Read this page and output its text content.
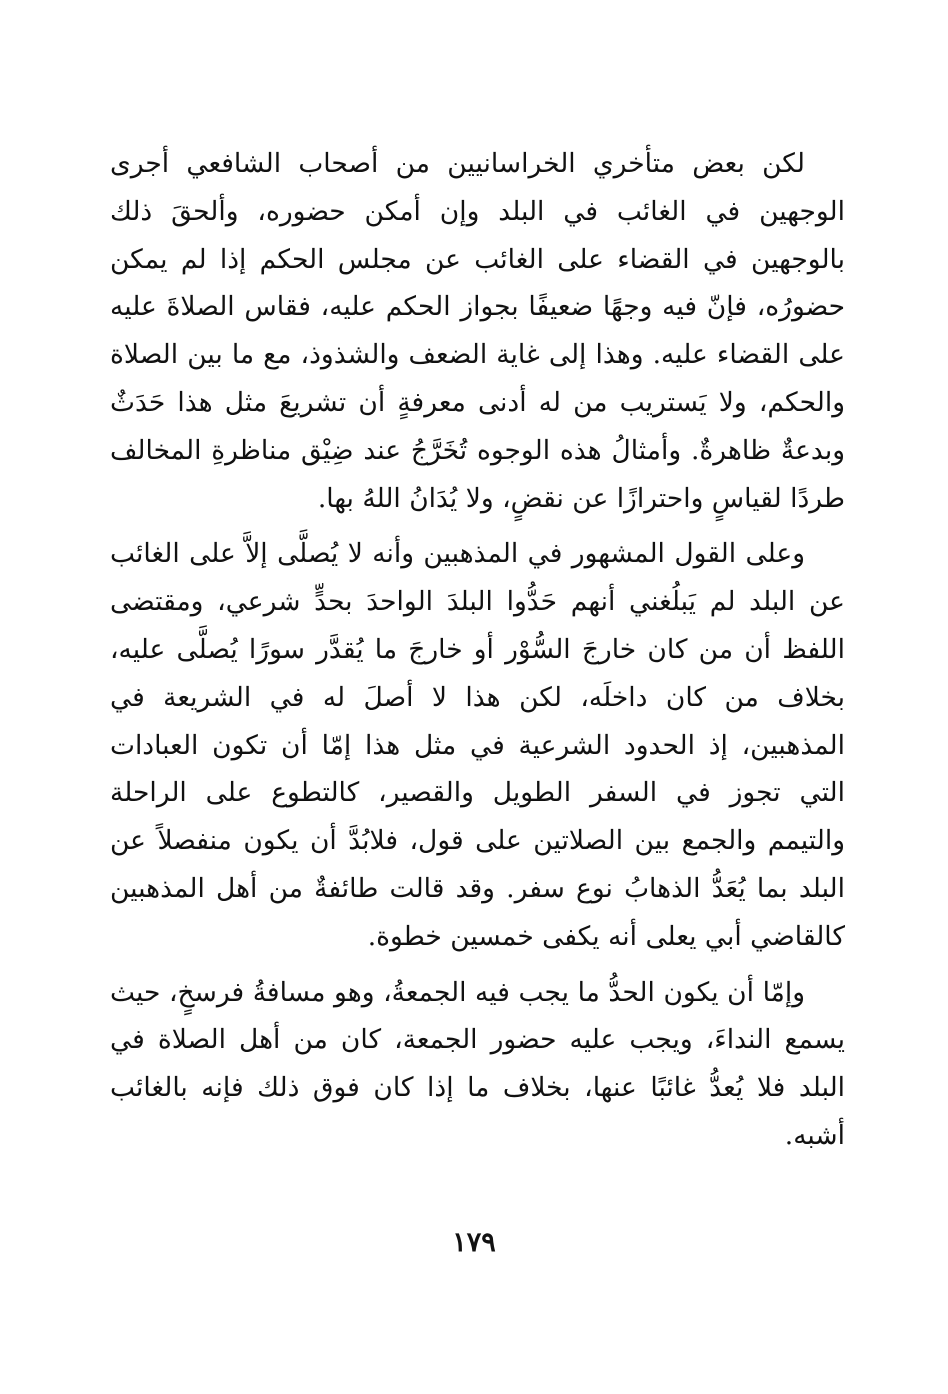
لكن بعض متأخري الخراسانيين من أصحاب الشافعي أجرى الوجهين في الغائب في البلد وإن أمكن حضوره، وألحقَ ذلك بالوجهين في القضاء على الغائب عن مجلس الحكم إذا لم يمكن حضورُه، فإنّ فيه وجهًا ضعيفًا بجواز الحكم عليه، فقاس الصلاةَ عليه على القضاء عليه. وهذا إلى غاية الضعف والشذوذ، مع ما بين الصلاة والحكم، ولا يَستريب من له أدنى معرفةٍ أن تشريعَ مثل هذا حَدَثٌ وبدعةٌ ظاهرةٌ. وأمثالُ هذه الوجوه تُخَرَّجُ عند ضِيْق مناظرةِ المخالف طردًا لقياسٍ واحترازًا عن نقضٍ، ولا يُدَانُ اللهُ بها.

وعلى القول المشهور في المذهبين وأنه لا يُصلَّى إلاَّ على الغائب عن البلد لم يَبلُغني أنهم حَدُّوا البلدَ الواحدَ بحدٍّ شرعي، ومقتضى اللفظ أن من كان خارجَ السُّوْر أو خارجَ ما يُقدَّر سورًا يُصلَّى عليه، بخلاف من كان داخلَه، لكن هذا لا أصلَ له في الشريعة في المذهبين، إذ الحدود الشرعية في مثل هذا إمّا أن تكون العبادات التي تجوز في السفر الطويل والقصير، كالتطوع على الراحلة والتيمم والجمع بين الصلاتين على قول، فلابُدَّ أن يكون منفصلاً عن البلد بما يُعَدُّ الذهابُ نوع سفر. وقد قالت طائفةٌ من أهل المذهبين كالقاضي أبي يعلى أنه يكفى خمسين خطوة.

وإمّا أن يكون الحدُّ ما يجب فيه الجمعةُ، وهو مسافةُ فرسخٍ، حيث يسمع النداءَ، ويجب عليه حضور الجمعة، كان من أهل الصلاة في البلد فلا يُعدُّ غائبًا عنها، بخلاف ما إذا كان فوق ذلك فإنه بالغائب أشبه.

١٧٩
